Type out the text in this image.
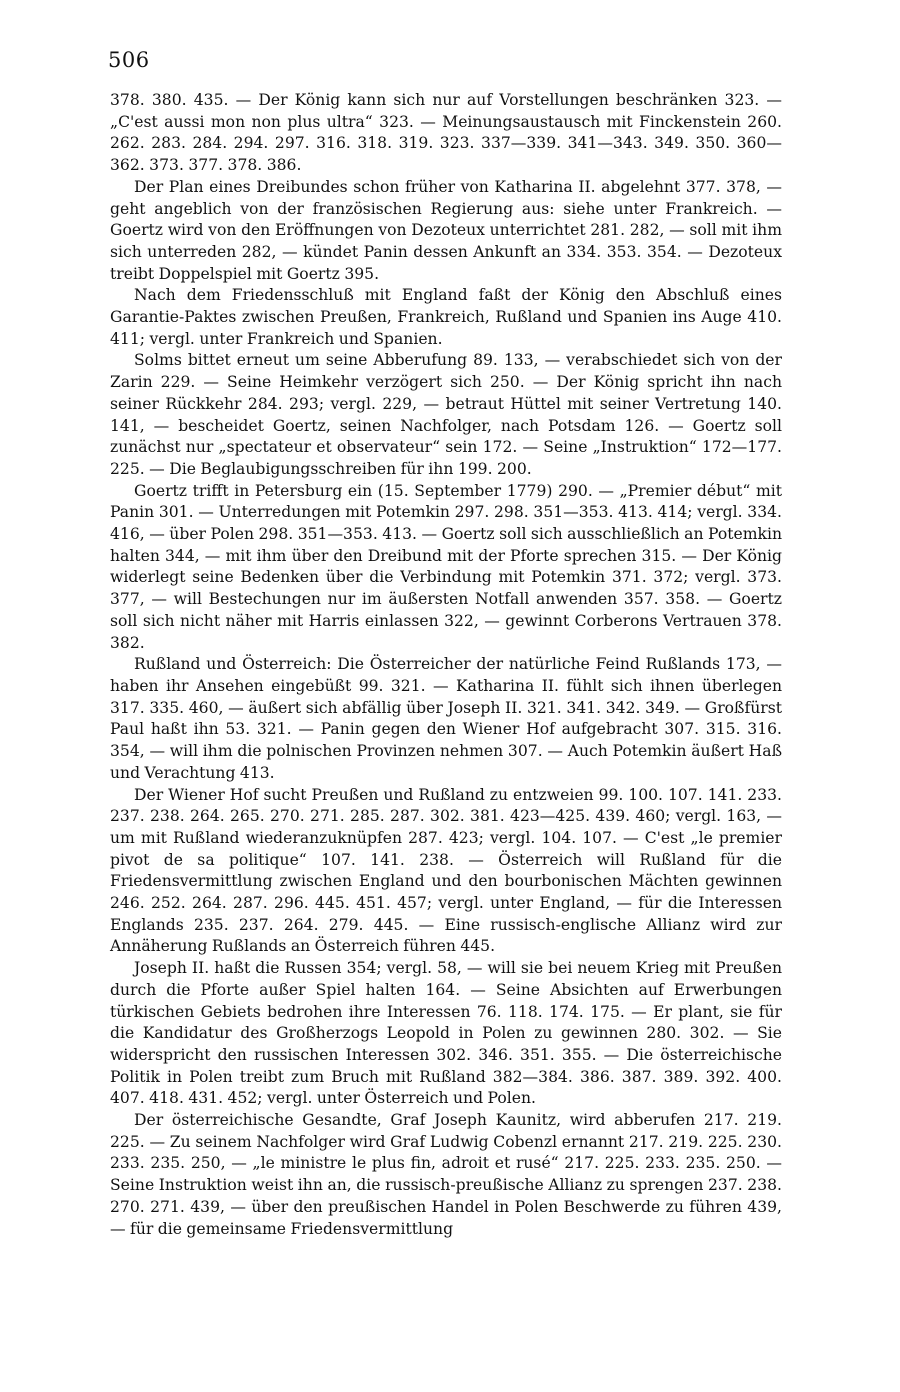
506

378. 380. 435. — Der König kann sich nur auf Vorstellungen beschränken 323. — „C'est aussi mon non plus ultra“ 323. — Meinungsaustausch mit Finckenstein 260. 262. 283. 284. 294. 297. 316. 318. 319. 323. 337—339. 341—343. 349. 350. 360—362. 373. 377. 378. 386.

Der Plan eines Dreibundes schon früher von Katharina II. abgelehnt 377. 378, — geht angeblich von der französischen Regierung aus: siehe unter Frankreich. — Goertz wird von den Eröffnungen von Dezoteux unterrichtet 281. 282, — soll mit ihm sich unterreden 282, — kündet Panin dessen Ankunft an 334. 353. 354. — Dezoteux treibt Doppelspiel mit Goertz 395.

Nach dem Friedensschluß mit England faßt der König den Abschluß eines Garantie-Paktes zwischen Preußen, Frankreich, Rußland und Spanien ins Auge 410. 411; vergl. unter Frankreich und Spanien.

Solms bittet erneut um seine Abberufung 89. 133, — verabschiedet sich von der Zarin 229. — Seine Heimkehr verzögert sich 250. — Der König spricht ihn nach seiner Rückkehr 284. 293; vergl. 229, — betraut Hüttel mit seiner Vertretung 140. 141, — bescheidet Goertz, seinen Nachfolger, nach Potsdam 126. — Goertz soll zunächst nur „spectateur et observateur“ sein 172. — Seine „Instruktion“ 172—177. 225. — Die Beglaubigungsschreiben für ihn 199. 200.

Goertz trifft in Petersburg ein (15. September 1779) 290. — „Premier début“ mit Panin 301. — Unterredungen mit Potemkin 297. 298. 351—353. 413. 414; vergl. 334. 416, — über Polen 298. 351—353. 413. — Goertz soll sich ausschließlich an Potemkin halten 344, — mit ihm über den Dreibund mit der Pforte sprechen 315. — Der König widerlegt seine Bedenken über die Verbindung mit Potemkin 371. 372; vergl. 373. 377, — will Bestechungen nur im äußersten Notfall anwenden 357. 358. — Goertz soll sich nicht näher mit Harris einlassen 322, — gewinnt Corberons Vertrauen 378. 382.

Rußland und Österreich: Die Österreicher der natürliche Feind Rußlands 173, — haben ihr Ansehen eingebüßt 99. 321. — Katharina II. fühlt sich ihnen überlegen 317. 335. 460, — äußert sich abfällig über Joseph II. 321. 341. 342. 349. — Großfürst Paul haßt ihn 53. 321. — Panin gegen den Wiener Hof aufgebracht 307. 315. 316. 354, — will ihm die polnischen Provinzen nehmen 307. — Auch Potemkin äußert Haß und Verachtung 413.

Der Wiener Hof sucht Preußen und Rußland zu entzweien 99. 100. 107. 141. 233. 237. 238. 264. 265. 270. 271. 285. 287. 302. 381. 423—425. 439. 460; vergl. 163, — um mit Rußland wiederanzuknüpfen 287. 423; vergl. 104. 107. — C'est „le premier pivot de sa politique“ 107. 141. 238. — Österreich will Rußland für die Friedensvermittlung zwischen England und den bourbonischen Mächten gewinnen 246. 252. 264. 287. 296. 445. 451. 457; vergl. unter England, — für die Interessen Englands 235. 237. 264. 279. 445. — Eine russisch-englische Allianz wird zur Annäherung Rußlands an Österreich führen 445.

Joseph II. haßt die Russen 354; vergl. 58, — will sie bei neuem Krieg mit Preußen durch die Pforte außer Spiel halten 164. — Seine Absichten auf Erwerbungen türkischen Gebiets bedrohen ihre Interessen 76. 118. 174. 175. — Er plant, sie für die Kandidatur des Großherzogs Leopold in Polen zu gewinnen 280. 302. — Sie widerspricht den russischen Interessen 302. 346. 351. 355. — Die österreichische Politik in Polen treibt zum Bruch mit Rußland 382—384. 386. 387. 389. 392. 400. 407. 418. 431. 452; vergl. unter Österreich und Polen.

Der österreichische Gesandte, Graf Joseph Kaunitz, wird abberufen 217. 219. 225. — Zu seinem Nachfolger wird Graf Ludwig Cobenzl ernannt 217. 219. 225. 230. 233. 235. 250, — „le ministre le plus fin, adroit et rusé“ 217. 225. 233. 235. 250. — Seine Instruktion weist ihn an, die russisch-preußische Allianz zu sprengen 237. 238. 270. 271. 439, — über den preußischen Handel in Polen Beschwerde zu führen 439, — für die gemeinsame Friedensvermittlung
